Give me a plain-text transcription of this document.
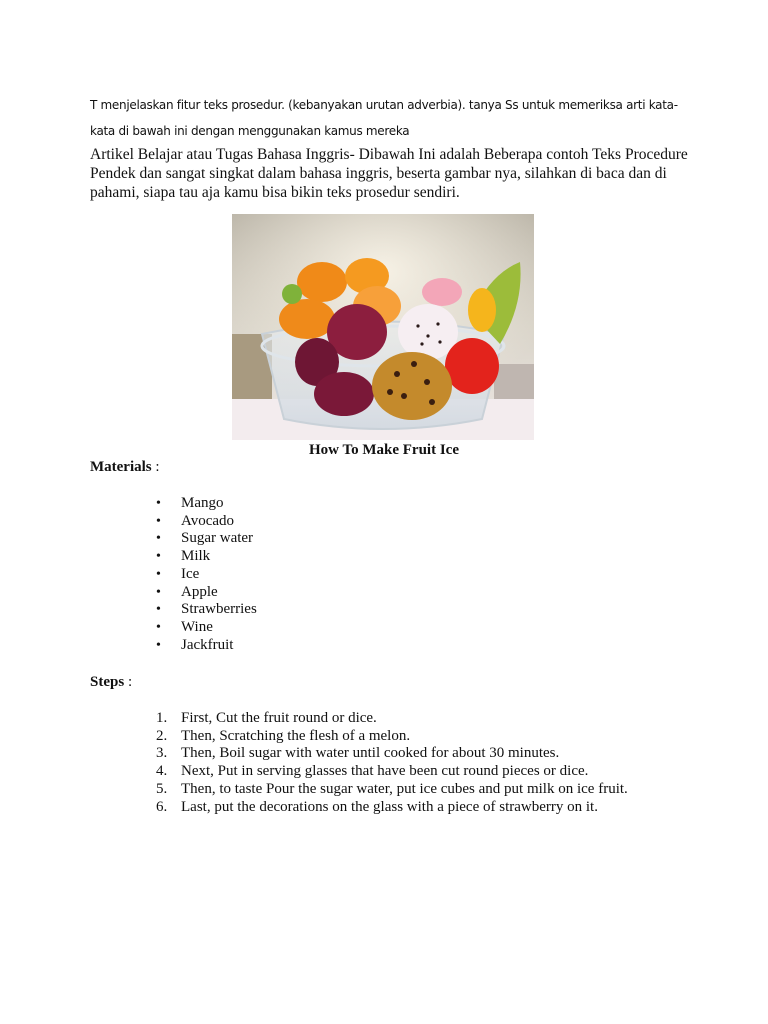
T menjelaskan fitur teks prosedur. (kebanyakan urutan adverbia). tanya Ss untuk memeriksa arti kata-kata di bawah ini dengan menggunakan kamus mereka
Artikel Belajar atau Tugas Bahasa Inggris- Dibawah Ini adalah Beberapa contoh Teks Procedure Pendek dan sangat singkat dalam bahasa inggris, beserta gambar nya, silahkan di baca dan di pahami, siapa tau aja kamu bisa bikin teks prosedur sendiri.
How To Make Fruit Ice
Materials :
• Mango
• Avocado
• Sugar water
• Milk
• Ice
• Apple
• Strawberries
• Wine
• Jackfruit
Steps :
1. First, Cut the fruit round or dice.
2. Then, Scratching the flesh of a melon.
3. Then, Boil sugar with water until cooked for about 30 minutes.
4. Next, Put in serving glasses that have been cut round pieces or dice.
5. Then, to taste Pour the sugar water, put ice cubes and put milk on ice fruit.
6. Last, put the decorations on the glass with a piece of strawberry on it.
